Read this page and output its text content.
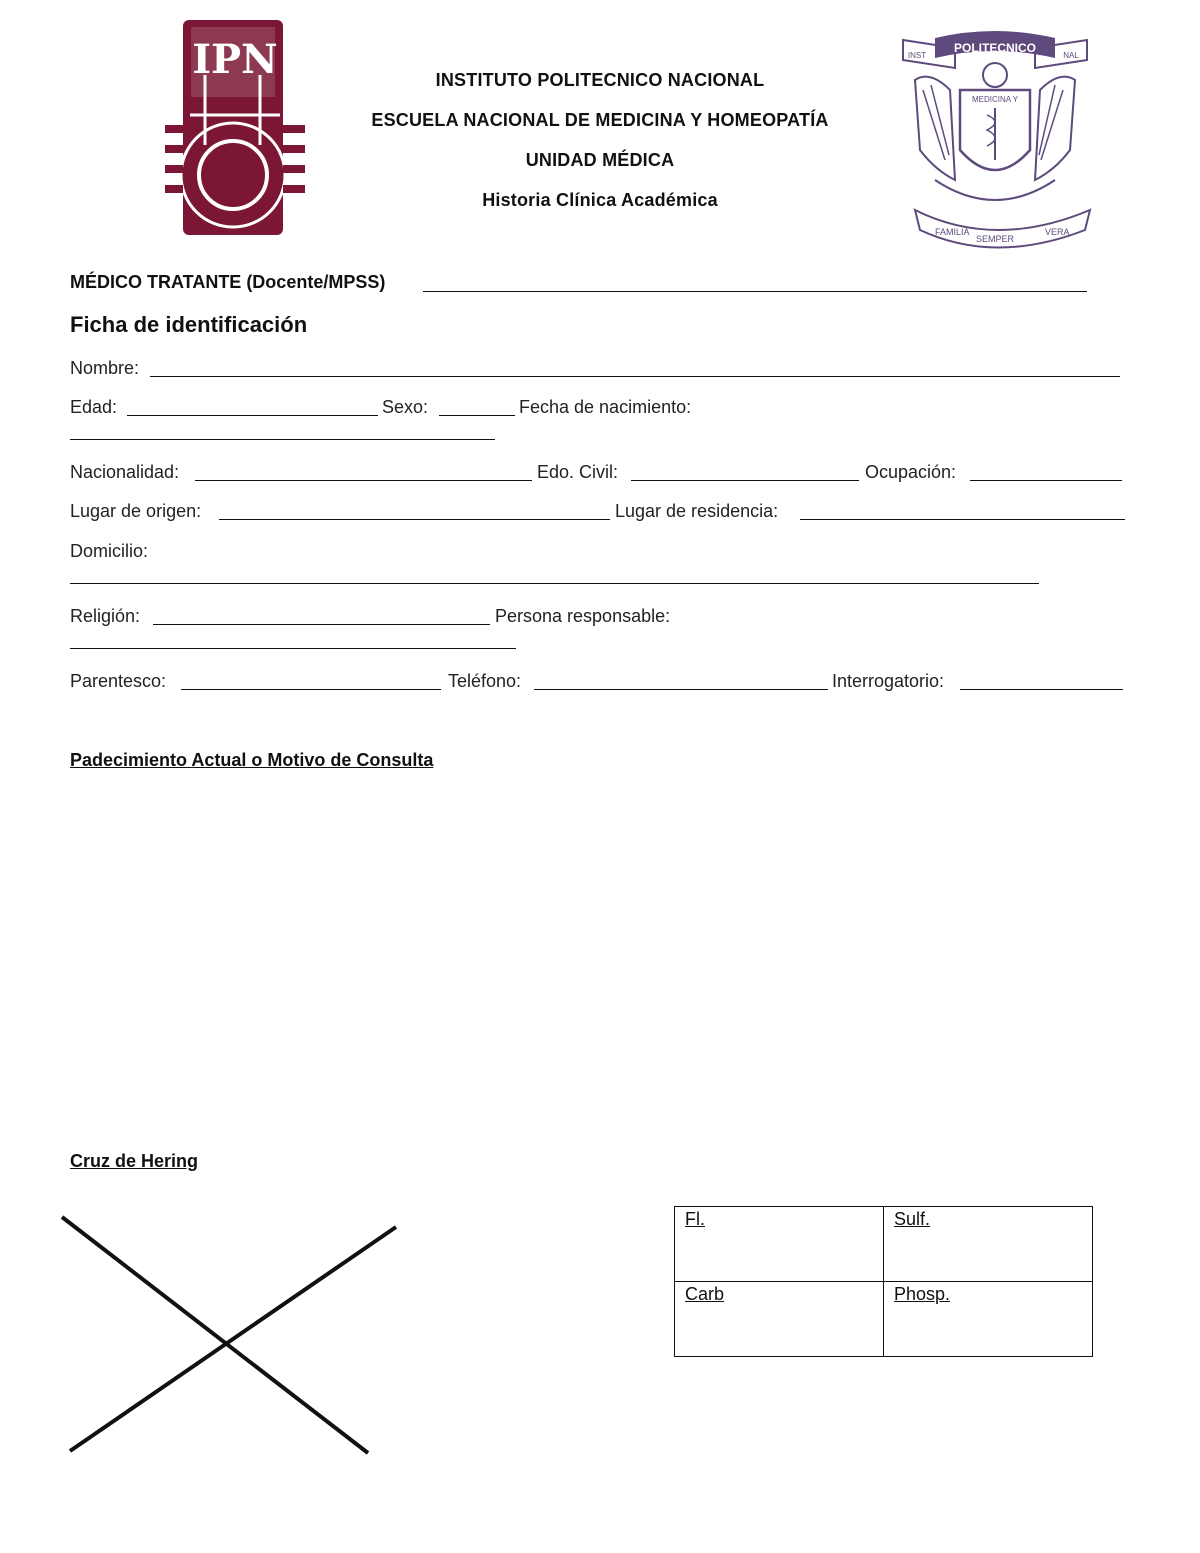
IPN	POLITECNICO
INST	NAL
MEDICINA Y
FAMILIA
SEMPER
VERA
INSTITUTO POLITECNICO NACIONAL
ESCUELA NACIONAL DE MEDICINA Y HOMEOPATÍA
UNIDAD MÉDICA
Historia Clínica Académica
MÉDICO TRATANTE (Docente/MPSS)
Ficha de identificación
Nombre:
Edad:	Sexo:	Fecha de nacimiento:
Nacionalidad:	Edo. Civil:	Ocupación:
Lugar de origen:	Lugar de residencia:
Domicilio:
Religión:	Persona responsable:
Parentesco:	Teléfono:	Interrogatorio:
Padecimiento Actual o Motivo de Consulta
Cruz de Hering
Fl.	Sulf.
Carb	Phosp.
